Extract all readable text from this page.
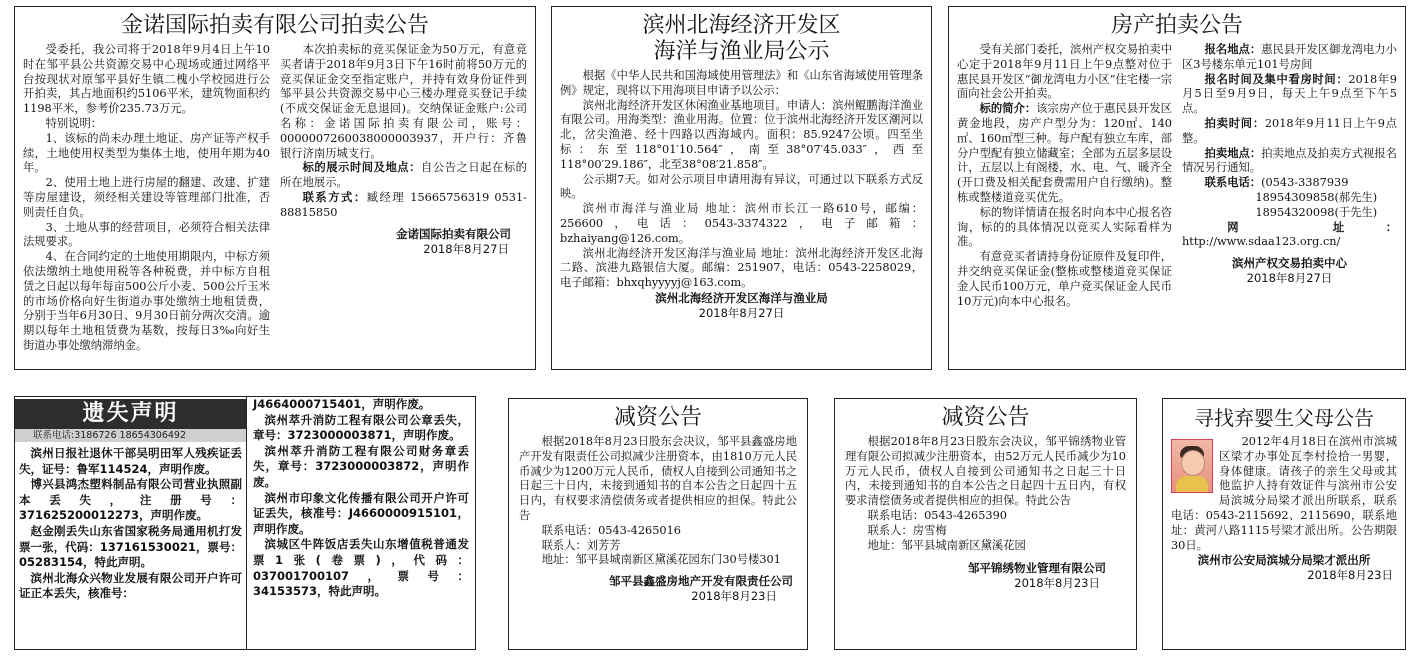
金诺国际拍卖有限公司拍卖公告

受委托，我公司将于2018年9月4日上午10时在邹平县公共资源交易中心现场或通过网络平台按现状对原邹平县好生镇二槐小学校园进行公开拍卖，其占地面积约5106平米，建筑物面积约1198平米，参考价235.73万元。

特别说明：

1、该标的尚未办理土地证、房产证等产权手续，土地使用权类型为集体土地，使用年期为40年。

2、使用土地上进行房屋的翻建、改建、扩建等房屋建设，须经相关建设等管理部门批准，否则责任自负。

3、土地从事的经营项目，必须符合相关法律法规要求。

4、在合同约定的土地使用期限内，中标方须依法缴纳土地使用税等各种税费，并中标方自租赁之日起以每年每亩500公斤小麦、500公斤玉米的市场价格向好生街道办事处缴纳土地租赁费，分别于当年6月30日、9月30日前分两次交清。逾期以每年土地租赁费为基数，按每日3‰向好生街道办事处缴纳滞纳金。

本次拍卖标的竞买保证金为50万元，有意竞买者请于2018年9月3日下午16时前将50万元的竞买保证金交至指定账户，并持有效身份证件到邹平县公共资源交易中心三楼办理竞买登记手续(不成交保证金无息退回)。交纳保证金账户:公司名称：金诺国际拍卖有限公司，账号：0000007260038000003937，开户行：齐鲁银行济南历城支行。

标的展示时间及地点：自公告之日起在标的所在地展示。

联系方式：臧经理 15665756319 0531-88815850

金诺国际拍卖有限公司
2018年8月27日
滨州北海经济开发区
海洋与渔业局公示

根据《中华人民共和国海域使用管理法》和《山东省海域使用管理条例》规定，现将以下用海项目申请予以公示：

滨州北海经济开发区休闲渔业基地项目。申请人：滨州鲲鹏海洋渔业有限公司。用海类型：渔业用海。位置：位于滨州北海经济开发区潮河以北，岔尖渔港、经十四路以西海域内。面积：85.9247公顷。四至坐标：东至118°01′10.564″，南至38°07′45.033″，西至118°00′29.186″，北至38°08′21.858″。

公示期7天。如对公示项目申请用海有异议，可通过以下联系方式反映。

滨州市海洋与渔业局 地址：滨州市长江一路610号，邮编：256600，电话：0543-3374322，电子邮箱：bzhaiyang@126.com。

滨州北海经济开发区海洋与渔业局 地址：滨州北海经济开发区北海二路、滨港九路银信大厦。邮编：251907，电话：0543-2258029，电子邮箱：bhxqhyyyyj@163.com。

滨州北海经济开发区海洋与渔业局
2018年8月27日
房产拍卖公告

受有关部门委托，滨州产权交易拍卖中心定于2018年9月11日上午9点整对位于惠民县开发区“御龙湾电力小区”住宅楼一宗面向社会公开拍卖。

标的简介：该宗房产位于惠民县开发区黄金地段，房产户型分为：120㎡、140㎡、160㎡型三种。每户配有独立车库，部分户型配有独立储藏室；全部为五层多层设计，五层以上有阁楼，水、电、气、暖齐全(开口费及相关配套费需用户自行缴纳)。整栋或整楼道竞买优先。

标的物详情请在报名时向本中心报名咨询，标的的具体情况以竞买人实际看样为准。

有意竞买者请持身份证原件及复印件，并交纳竞买保证金(整栋或整楼道竞买保证金人民币100万元，单户竞买保证金人民币10万元)向本中心报名。

报名地点：惠民县开发区御龙湾电力小区3号楼东单元101号房间

报名时间及集中看房时间：2018年9月5日至9月9日，每天上午9点至下午5点。

拍卖时间：2018年9月11日上午9点整。

拍卖地点：拍卖地点及拍卖方式视报名情况另行通知。

联系电话：(0543-3387939

18954309858(郝先生)

18954320098(于先生)

网　址：http://www.sdaa123.org.cn/

滨州产权交易拍卖中心
2018年8月27日
遗失声明
联系电话:3186726 18654306492

滨州日报社退休干部吴明田军人残疾证丢失，证号：鲁军114524，声明作废。

博兴县鸿杰塑料制品有限公司营业执照副本丢失，注册号：371625200012273，声明作废。

赵金刚丢失山东省国家税务局通用机打发票一张，代码：137161530021，票号：05283154，特此声明。

滨州北海众兴物业发展有限公司开户许可证正本丢失，核准号：

J4664000715401，声明作废。

滨州萃升消防工程有限公司公章丢失，章号：3723000003871，声明作废。

滨州萃升消防工程有限公司财务章丢失，章号：3723000003872，声明作废。

滨州市印象文化传播有限公司开户许可证丢失，核准号：J4660000915101，声明作废。

滨城区牛阵饭店丢失山东增值税普通发票1张(卷票)，代码：037001700107，票号：34153573，特此声明。

减资公告

根据2018年8月23日股东会决议，邹平县鑫盛房地产开发有限责任公司拟减少注册资本，由1810万元人民币减少为1200万元人民币，债权人自接到公司通知书之日起三十日内，未接到通知书的自本公告之日起四十五日内，有权要求清偿债务或者提供相应的担保。特此公告

联系电话：0543-4265016

联系人：刘芳芳

地址：邹平县城南新区黛溪花园东门30号楼301

邹平县鑫盛房地产开发有限责任公司
2018年8月23日
减资公告

根据2018年8月23日股东会决议，邹平锦绣物业管理有限公司拟减少注册资本，由52万元人民币减少为10万元人民币，债权人自接到公司通知书之日起三十日内，未接到通知书的自本公告之日起四十五日内，有权要求清偿债务或者提供相应的担保。特此公告

联系电话：0543-4265390

联系人：房雪梅

地址：邹平县城南新区黛溪花园

邹平锦绣物业管理有限公司
2018年8月23日
寻找弃婴生父母公告

2012年4月18日在滨州市滨城区梁才办事处瓦李村捡拾一男婴，身体健康。请孩子的亲生父母或其他监护人持有效证件与滨州市公安局滨城分局梁才派出所联系，联系电话：0543-2115692、2115690，联系地址：黄河八路1115号梁才派出所。公告期限30日。

滨州市公安局滨城分局梁才派出所
2018年8月23日
